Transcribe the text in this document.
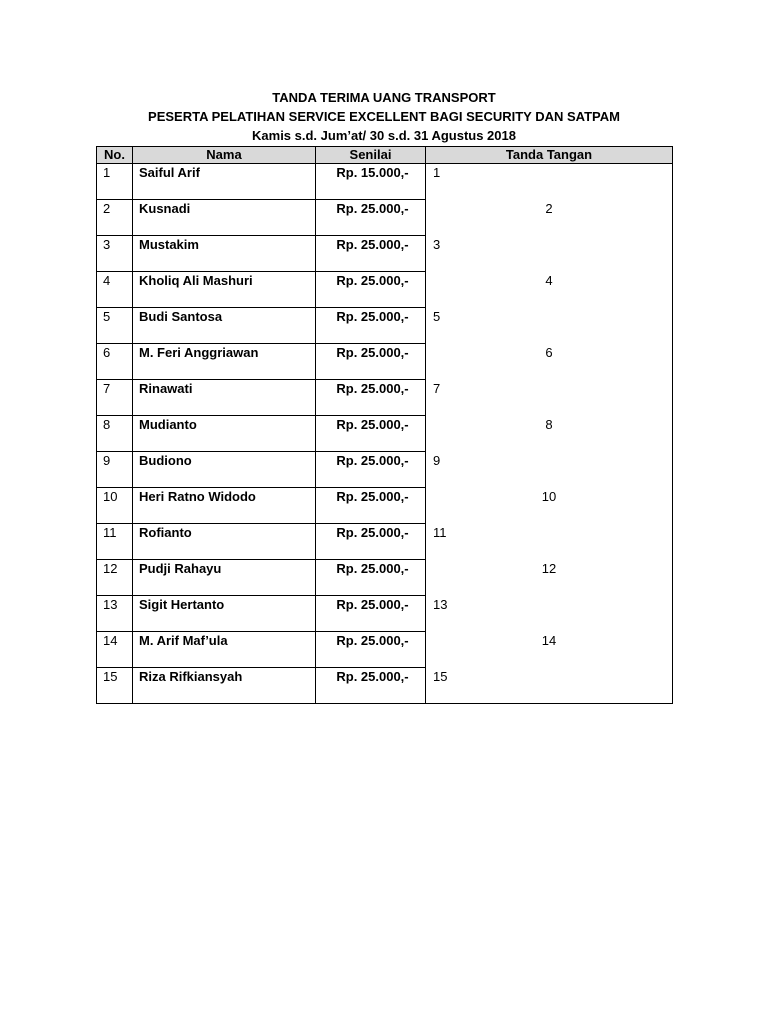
TANDA TERIMA UANG TRANSPORT
PESERTA PELATIHAN SERVICE EXCELLENT BAGI SECURITY DAN SATPAM
Kamis s.d. Jum’at/ 30 s.d. 31 Agustus 2018
No.	Nama	Senilai	Tanda Tangan

1	Saiful Arif	Rp. 15.000,-	1

2	Kusnadi	Rp. 25.000,-	2

3	Mustakim	Rp. 25.000,-	3

4	Kholiq Ali Mashuri	Rp. 25.000,-	4

5	Budi Santosa	Rp. 25.000,-	5

6	M. Feri Anggriawan	Rp. 25.000,-	6

7	Rinawati	Rp. 25.000,-	7

8	Mudianto	Rp. 25.000,-	8

9	Budiono	Rp. 25.000,-	9

10	Heri Ratno Widodo	Rp. 25.000,-	10

11	Rofianto	Rp. 25.000,-	11

12	Pudji Rahayu	Rp. 25.000,-	12

13	Sigit Hertanto	Rp. 25.000,-	13

14	M. Arif Maf’ula	Rp. 25.000,-	14

15	Riza Rifkiansyah	Rp. 25.000,-	15
